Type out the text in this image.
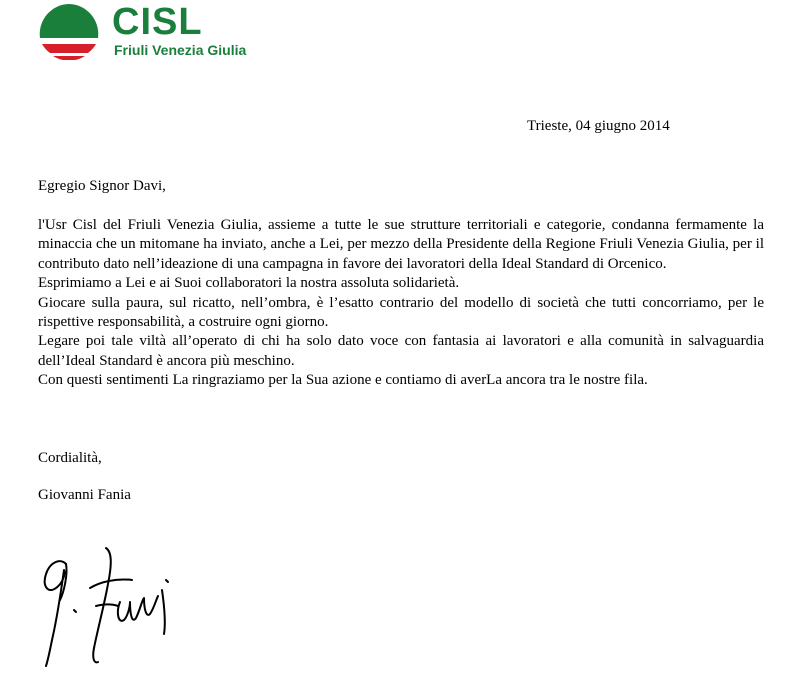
CISL
Friuli Venezia Giulia
Trieste, 04 giugno 2014
Egregio Signor Davi,

l'Usr Cisl del Friuli Venezia Giulia, assieme a tutte le sue strutture territoriali e categorie, condanna fermamente la minaccia che un mitomane ha inviato, anche a Lei, per mezzo della Presidente della Regione Friuli Venezia Giulia, per il contributo dato nell’ideazione di una campagna in favore dei lavoratori della Ideal Standard di Orcenico.

Esprimiamo a Lei e ai Suoi collaboratori la nostra assoluta solidarietà.

Giocare sulla paura, sul ricatto, nell’ombra, è l’esatto contrario del modello di società che tutti concorriamo, per le rispettive responsabilità, a costruire ogni giorno.

Legare poi tale viltà all’operato di chi ha solo dato voce con fantasia ai lavoratori e alla comunità in salvaguardia dell’Ideal Standard è ancora più meschino.

Con questi sentimenti La ringraziamo per la Sua azione e contiamo di averLa ancora tra le nostre fila.

Cordialità,
Giovanni Fania
